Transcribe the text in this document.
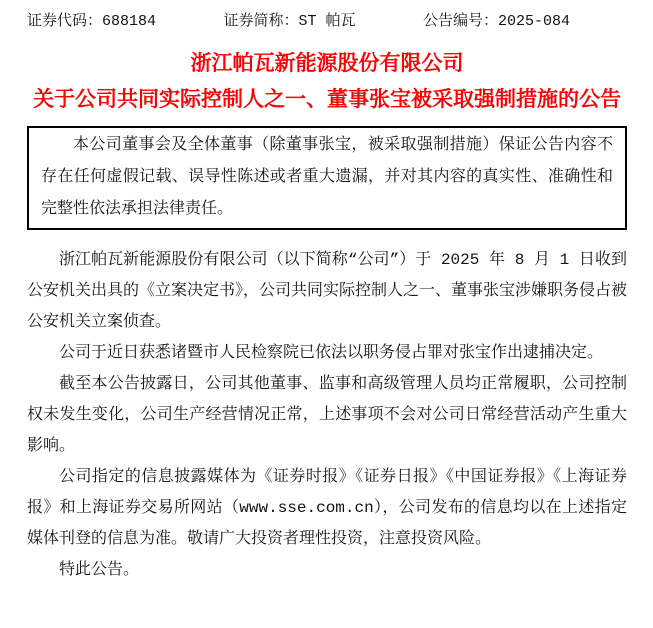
证券代码：688184	证券简称：ST 帕瓦	公告编号：2025-084
浙江帕瓦新能源股份有限公司
关于公司共同实际控制人之一、董事张宝被采取强制措施的公告

本公司董事会及全体董事（除董事张宝，被采取强制措施）保证公告内容不存在任何虚假记载、误导性陈述或者重大遗漏，并对其内容的真实性、准确性和完整性依法承担法律责任。

浙江帕瓦新能源股份有限公司（以下简称“公司”）于 2025 年 8 月 1 日收到公安机关出具的《立案决定书》，公司共同实际控制人之一、董事张宝涉嫌职务侵占被公安机关立案侦查。

公司于近日获悉诸暨市人民检察院已依法以职务侵占罪对张宝作出逮捕决定。

截至本公告披露日，公司其他董事、监事和高级管理人员均正常履职，公司控制权未发生变化，公司生产经营情况正常，上述事项不会对公司日常经营活动产生重大影响。

公司指定的信息披露媒体为《证券时报》《证券日报》《中国证券报》《上海证券报》和上海证券交易所网站（www.sse.com.cn），公司发布的信息均以在上述指定媒体刊登的信息为准。敬请广大投资者理性投资，注意投资风险。

特此公告。
